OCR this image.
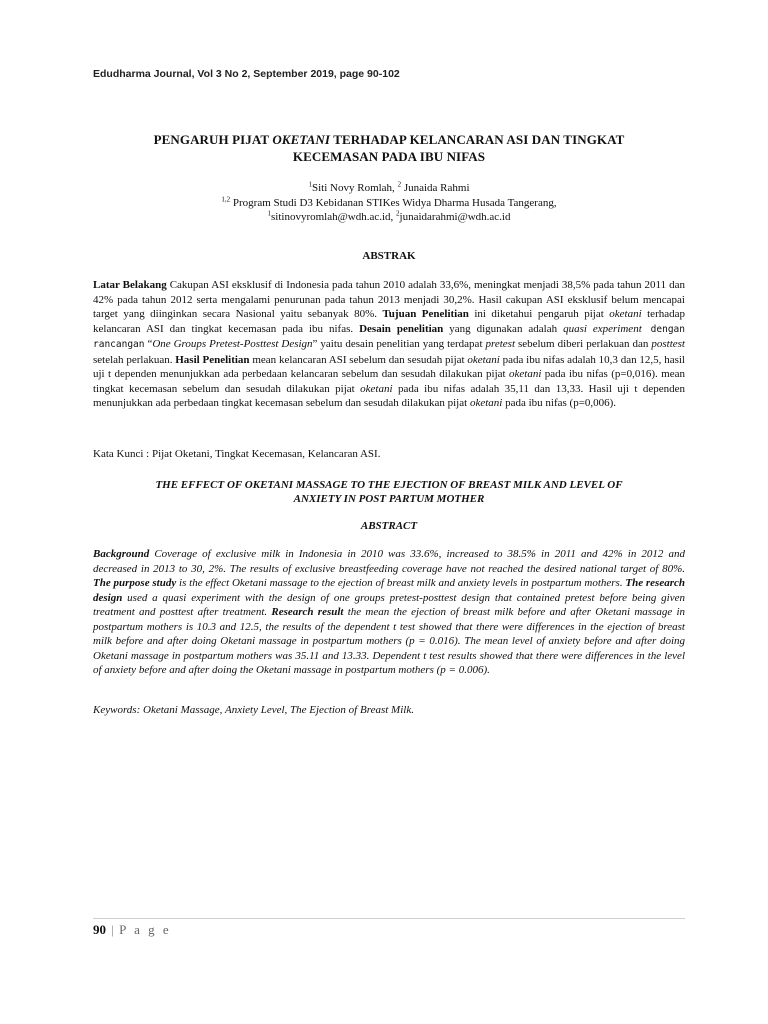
Edudharma Journal, Vol 3 No 2, September 2019, page 90-102
PENGARUH PIJAT OKETANI TERHADAP KELANCARAN ASI DAN TINGKAT
KECEMASAN PADA IBU NIFAS
$^1$Siti Novy Romlah, $^2$ Junaida Rahmi
$^{1,2}$ Program Studi D3 Kebidanan STIKes Widya Dharma Husada Tangerang,
$^1$sitinovyromlah@wdh.ac.id, $^2$junaidarahmi@wdh.ac.id
ABSTRAK
Latar Belakang Cakupan ASI eksklusif di Indonesia pada tahun 2010 adalah 33,6%, meningkat menjadi 38,5% pada tahun 2011 dan 42% pada tahun 2012 serta mengalami penurunan pada tahun 2013 menjadi 30,2%. Hasil cakupan ASI eksklusif belum mencapai target yang diinginkan secara Nasional yaitu sebanyak 80%. Tujuan Penelitian ini diketahui pengaruh pijat oketani terhadap kelancaran ASI dan tingkat kecemasan pada ibu nifas. Desain penelitian yang digunakan adalah quasi experiment dengan rancangan “One Groups Pretest-Posttest Design” yaitu desain penelitian yang terdapat pretest sebelum diberi perlakuan dan posttest setelah perlakuan. Hasil Penelitian mean kelancaran ASI sebelum dan sesudah pijat oketani pada ibu nifas adalah 10,3 dan 12,5, hasil uji t dependen menunjukkan ada perbedaan kelancaran sebelum dan sesudah dilakukan pijat oketani pada ibu nifas (p=0,016). mean tingkat kecemasan sebelum dan sesudah dilakukan pijat oketani pada ibu nifas adalah 35,11 dan 13,33. Hasil uji t dependen menunjukkan ada perbedaan tingkat kecemasan sebelum dan sesudah dilakukan pijat oketani pada ibu nifas (p=0,006).
Kata Kunci : Pijat Oketani, Tingkat Kecemasan, Kelancaran ASI.
THE EFFECT OF OKETANI MASSAGE TO THE EJECTION OF BREAST MILK AND LEVEL OF
ANXIETY IN POST PARTUM MOTHER
ABSTRACT
Background Coverage of exclusive milk in Indonesia in 2010 was 33.6%, increased to 38.5% in 2011 and 42% in 2012 and decreased in 2013 to 30, 2%. The results of exclusive breastfeeding coverage have not reached the desired national target of 80%. The purpose study is the effect Oketani massage to the ejection of breast milk and anxiety levels in postpartum mothers. The research design used a quasi experiment with the design of one groups pretest-posttest design that contained pretest before being given treatment and posttest after treatment. Research result the mean the ejection of breast milk before and after Oketani massage in postpartum mothers is 10.3 and 12.5, the results of the dependent t test showed that there were differences in the ejection of breast milk before and after doing Oketani massage in postpartum mothers (p = 0.016). The mean level of anxiety before and after doing Oketani massage in postpartum mothers was 35.11 and 13.33. Dependent t test results showed that there were differences in the level of anxiety before and after doing the Oketani massage in postpartum mothers (p = 0.006).
Keywords: Oketani Massage, Anxiety Level, The Ejection of Breast Milk.
90 | P a g e
